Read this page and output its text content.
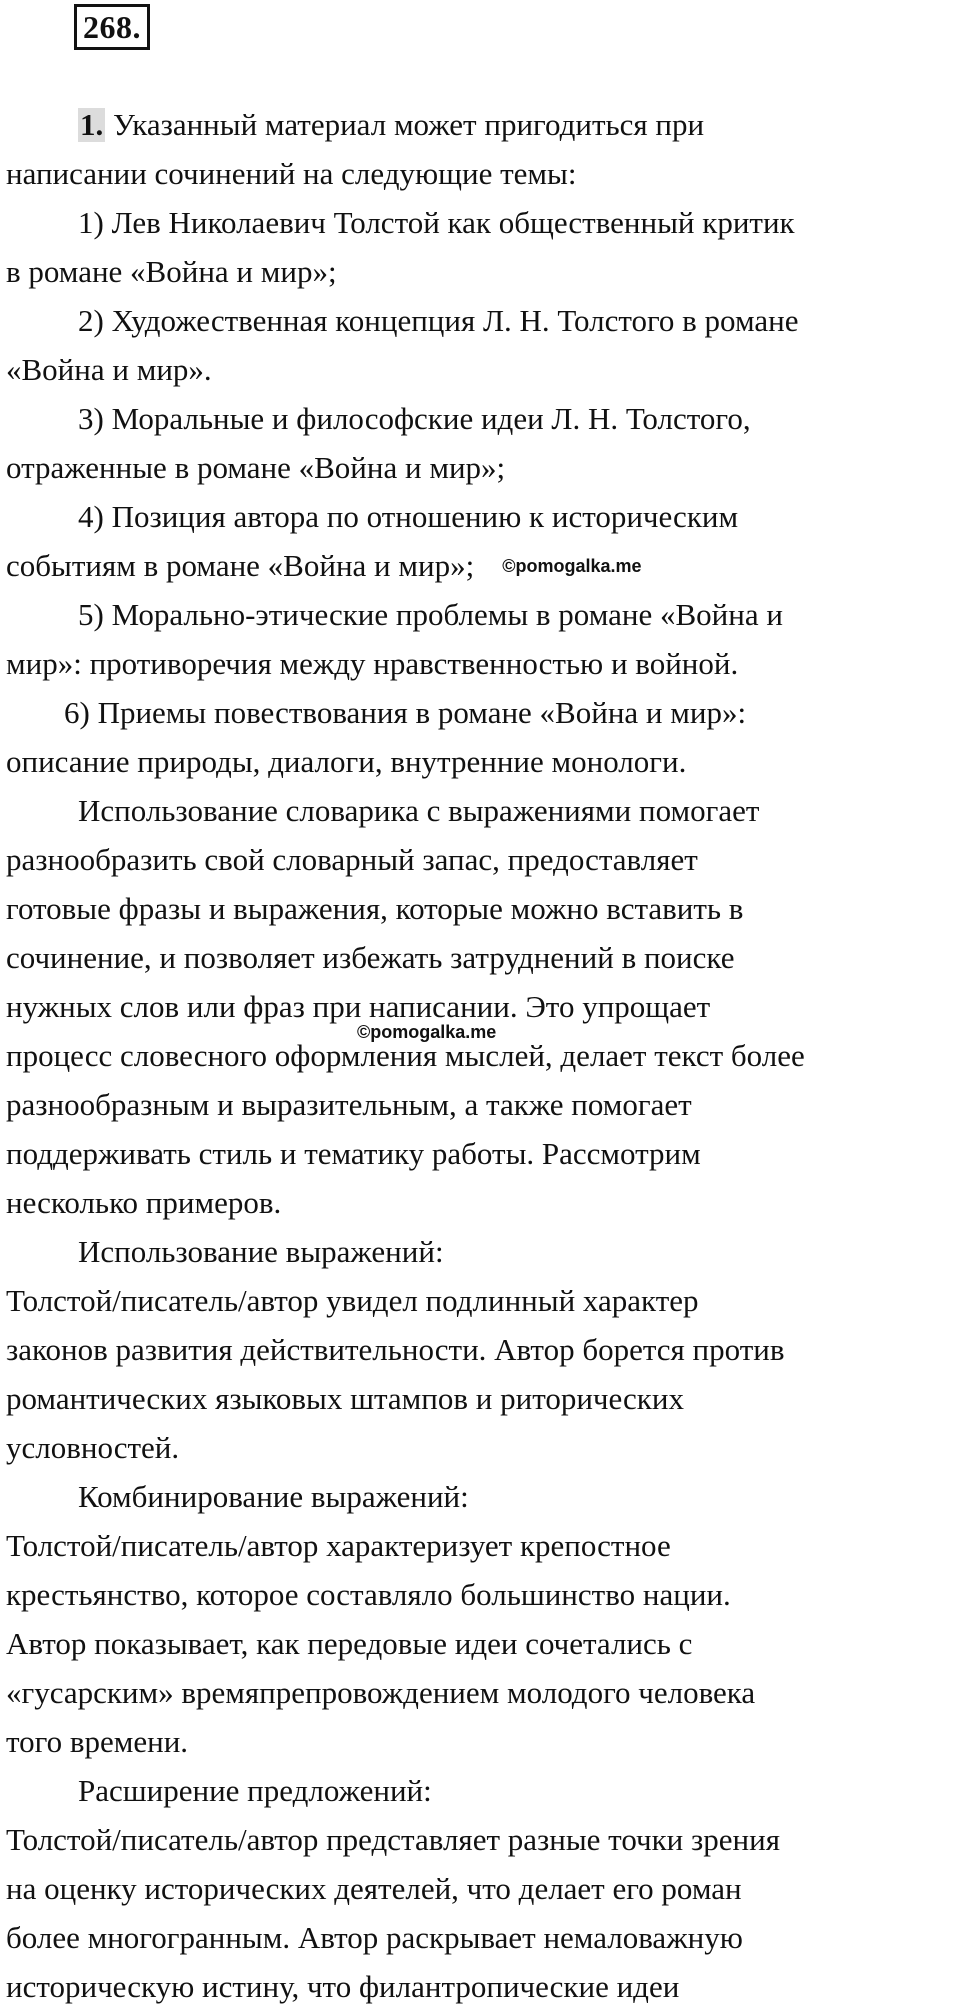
268.
1. Указанный материал может пригодиться при
написании сочинений на следующие темы:
1) Лев Николаевич Толстой как общественный критик
в романе «Война и мир»;
2) Художественная концепция Л. Н. Толстого в романе
«Война и мир».
3) Моральные и философские идеи Л. Н. Толстого,
отраженные в романе «Война и мир»;
4) Позиция автора по отношению к историческим
событиям в романе «Война и мир»; ©pomogalka.me
5) Морально-этические проблемы в романе «Война и
мир»: противоречия между нравственностью и войной.
6) Приемы повествования в романе «Война и мир»:
описание природы, диалоги, внутренние монологи.
Использование словарика с выражениями помогает
разнообразить свой словарный запас, предоставляет
готовые фразы и выражения, которые можно вставить в
сочинение, и позволяет избежать затруднений в поиске
нужных слов или фраз при написании. Это упрощает
процесс словесного оформления мыслей, делает текст более
разнообразным и выразительным, а также помогает
поддерживать стиль и тематику работы. Рассмотрим
несколько примеров.
Использование выражений:
Толстой/писатель/автор увидел подлинный характер
законов развития действительности. Автор борется против
романтических языковых штампов и риторических
условностей.
Комбинирование выражений:
Толстой/писатель/автор характеризует крепостное
крестьянство, которое составляло большинство нации.
Автор показывает, как передовые идеи сочетались с
«гусарским» времяпрепровождением молодого человека
того времени.
Расширение предложений:
Толстой/писатель/автор представляет разные точки зрения
на оценку исторических деятелей, что делает его роман
более многогранным. Автор раскрывает немаловажную
историческую истину, что филантропические идеи
©pomogalka.me
